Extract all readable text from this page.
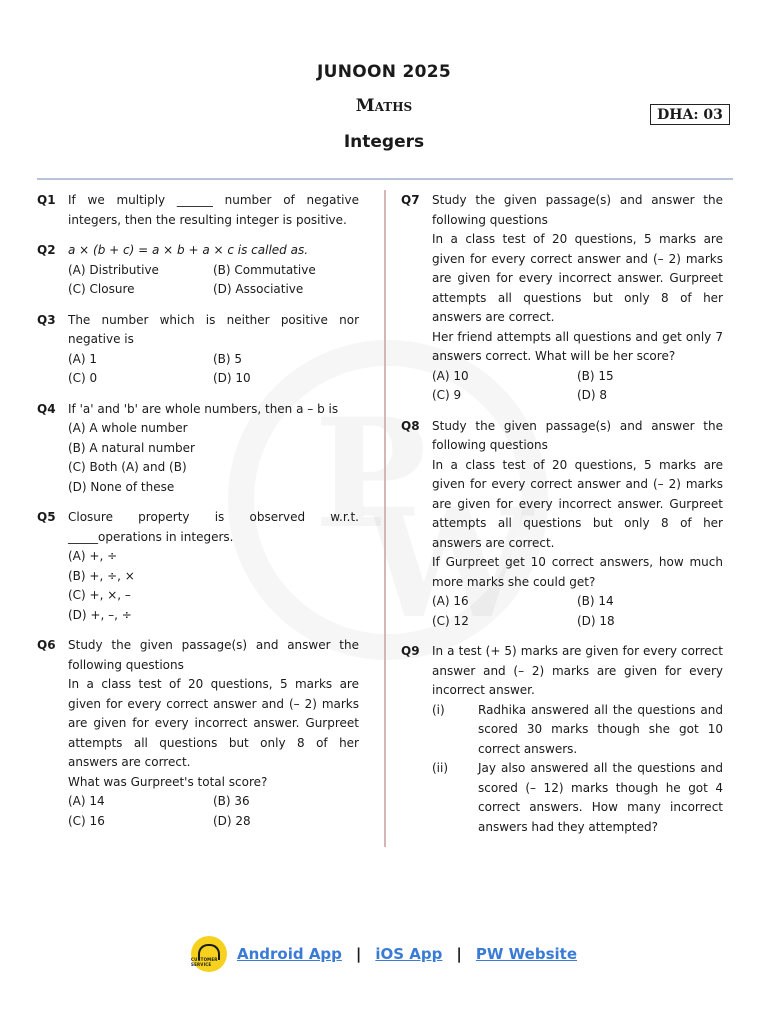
JUNOON 2025
Maths
Integers
DHA: 03
Q1	If we multiply ______ number of negative integers, then the resulting integer is positive.
Q2	a × (b + c) = a × b + a × c is called as.
(A) Distributive	(B) Commutative
(C) Closure	(D) Associative
Q3	The number which is neither positive nor negative is
(A) 1	(B) 5
(C) 0	(D) 10
Q4	If 'a' and 'b' are whole numbers, then a – b is
(A) A whole number
(B) A natural number
(C) Both (A) and (B)
(D) None of these
Q5	Closure property is observed w.r.t. _____operations in integers.
(A) +, ÷
(B) +, ÷, ×
(C) +, ×, –
(D) +, –, ÷
Q6	Study the given passage(s) and answer the following questions
In a class test of 20 questions, 5 marks are given for every correct answer and (– 2) marks are given for every incorrect answer. Gurpreet attempts all questions but only 8 of her answers are correct.
What was Gurpreet's total score?
(A) 14	(B) 36
(C) 16	(D) 28
Q7	Study the given passage(s) and answer the following questions
In a class test of 20 questions, 5 marks are given for every correct answer and (– 2) marks are given for every incorrect answer. Gurpreet attempts all questions but only 8 of her answers are correct.
Her friend attempts all questions and get only 7 answers correct. What will be her score?
(A) 10	(B) 15
(C) 9	(D) 8
Q8	Study the given passage(s) and answer the following questions
In a class test of 20 questions, 5 marks are given for every correct answer and (– 2) marks are given for every incorrect answer. Gurpreet attempts all questions but only 8 of her answers are correct.
If Gurpreet get 10 correct answers, how much more marks she could get?
(A) 16	(B) 14
(C) 12	(D) 18
Q9	In a test (+ 5) marks are given for every correct answer and (– 2) marks are given for every incorrect answer.
(i)	Radhika answered all the questions and scored 30 marks though she got 10 correct answers.
(ii)	Jay also answered all the questions and scored (– 12) marks though he got 4 correct answers. How many incorrect answers had they attempted?
CUSTOMER SERVICE
Android App | iOS App | PW Website
